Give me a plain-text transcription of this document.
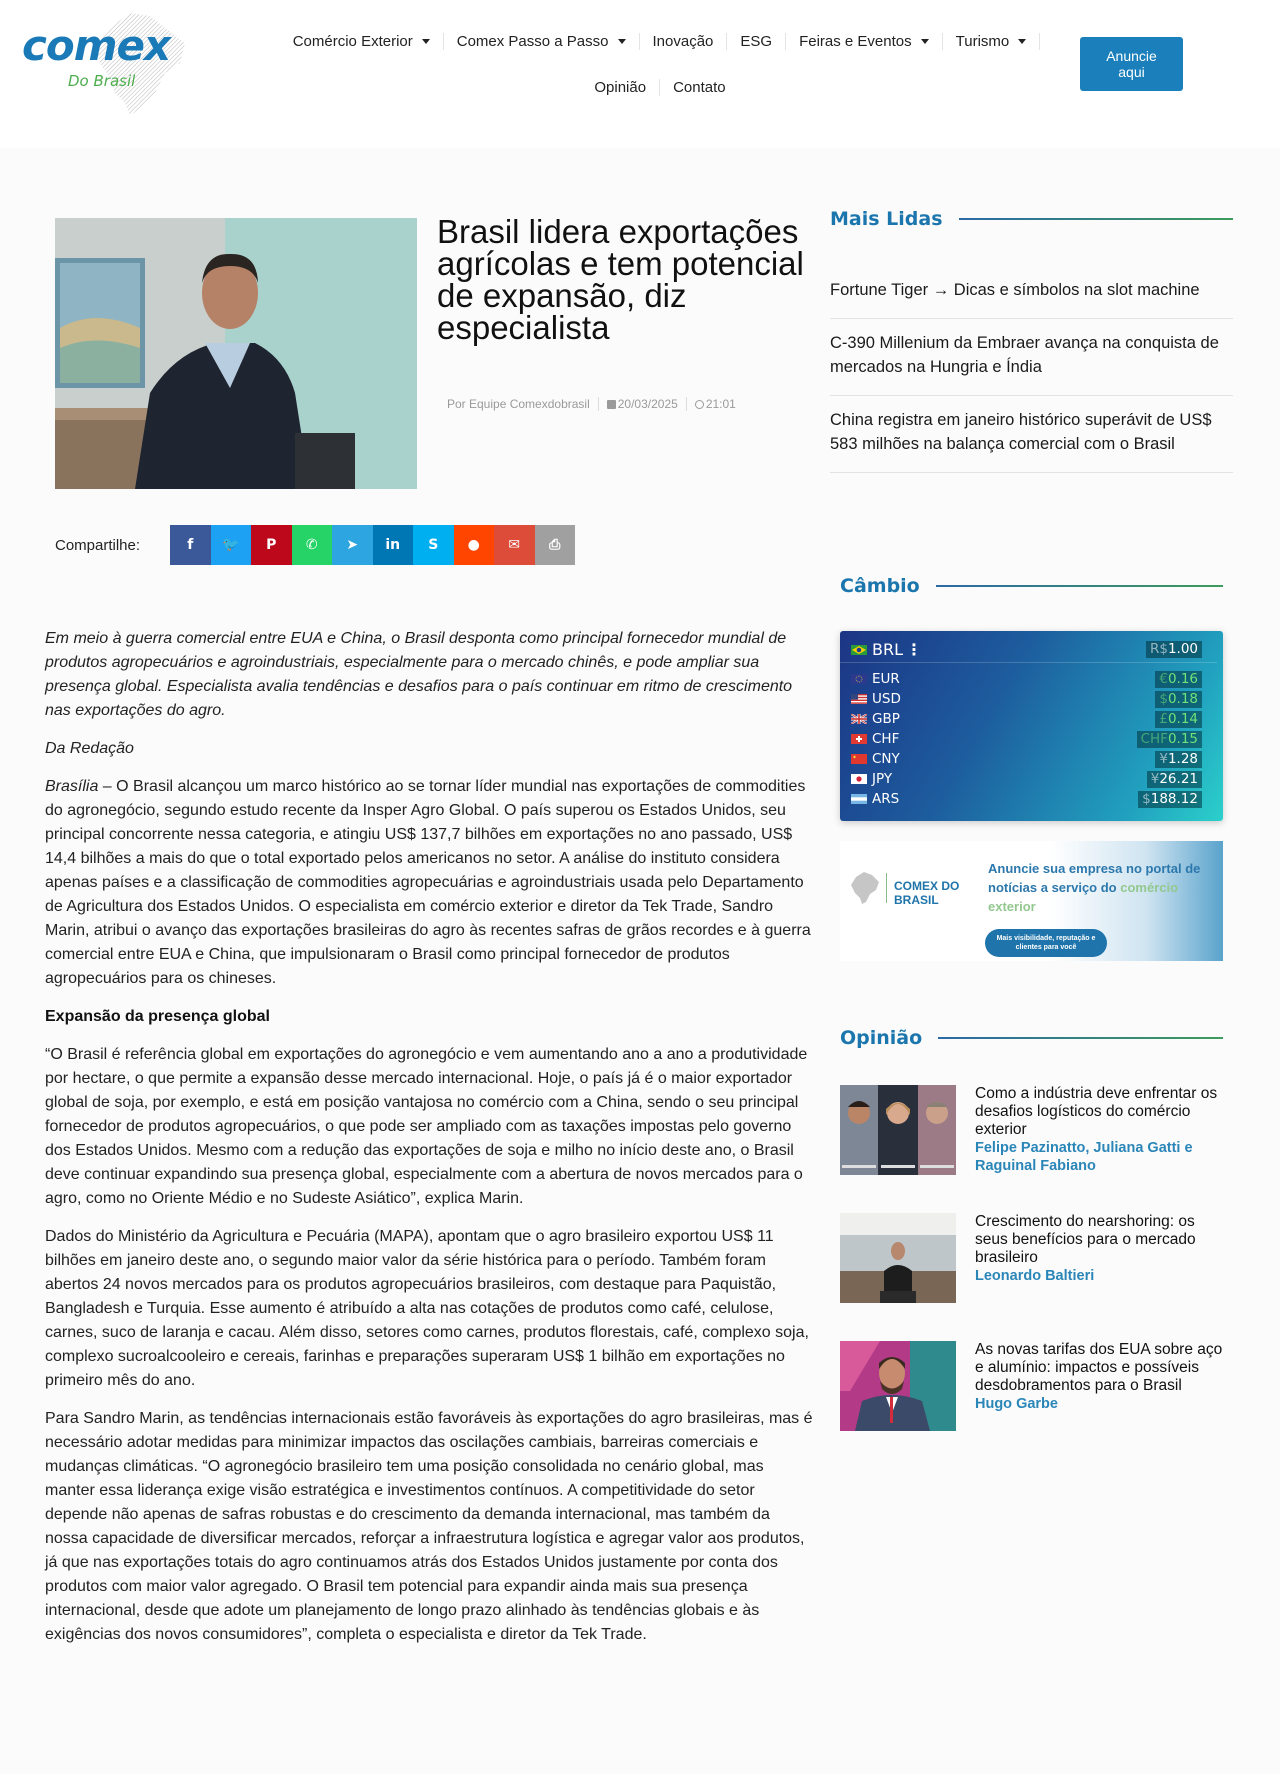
comex
Do Brasil
Comércio Exterior	Comex Passo a Passo	Inovação ESG Feiras e Eventos	Turismo
Opinião Contato
Anuncie aqui
Brasil lidera exportações agrícolas e tem potencial de expansão, diz especialista
Por Equipe Comexdobrasil	20/03/2025 21:01
Compartilhe:	f 🐦 P ✆ ➤ in S ● ✉ ⎙

Em meio à guerra comercial entre EUA e China, o Brasil desponta como principal fornecedor mundial de produtos agropecuários e agroindustriais, especialmente para o mercado chinês, e pode ampliar sua presença global. Especialista avalia tendências e desafios para o país continuar em ritmo de crescimento nas exportações do agro.

Da Redação

Brasília – O Brasil alcançou um marco histórico ao se tornar líder mundial nas exportações de commodities do agronegócio, segundo estudo recente da Insper Agro Global. O país superou os Estados Unidos, seu principal concorrente nessa categoria, e atingiu US$ 137,7 bilhões em exportações no ano passado, US$ 14,4 bilhões a mais do que o total exportado pelos americanos no setor. A análise do instituto considera apenas países e a classificação de commodities agropecuárias e agroindustriais usada pelo Departamento de Agricultura dos Estados Unidos. O especialista em comércio exterior e diretor da Tek Trade, Sandro Marin, atribui o avanço das exportações brasileiras do agro às recentes safras de grãos recordes e à guerra comercial entre EUA e China, que impulsionaram o Brasil como principal fornecedor de produtos agropecuários para os chineses.

Expansão da presença global

“O Brasil é referência global em exportações do agronegócio e vem aumentando ano a ano a produtividade por hectare, o que permite a expansão desse mercado internacional. Hoje, o país já é o maior exportador global de soja, por exemplo, e está em posição vantajosa no comércio com a China, sendo o seu principal fornecedor de produtos agropecuários, o que pode ser ampliado com as taxações impostas pelo governo dos Estados Unidos. Mesmo com a redução das exportações de soja e milho no início deste ano, o Brasil deve continuar expandindo sua presença global, especialmente com a abertura de novos mercados para o agro, como no Oriente Médio e no Sudeste Asiático”, explica Marin.

Dados do Ministério da Agricultura e Pecuária (MAPA), apontam que o agro brasileiro exportou US$ 11 bilhões em janeiro deste ano, o segundo maior valor da série histórica para o período. Também foram abertos 24 novos mercados para os produtos agropecuários brasileiros, com destaque para Paquistão, Bangladesh e Turquia. Esse aumento é atribuído a alta nas cotações de produtos como café, celulose, carnes, suco de laranja e cacau. Além disso, setores como carnes, produtos florestais, café, complexo soja, complexo sucroalcooleiro e cereais, farinhas e preparações superaram US$ 1 bilhão em exportações no primeiro mês do ano.

Para Sandro Marin, as tendências internacionais estão favoráveis às exportações do agro brasileiras, mas é necessário adotar medidas para minimizar impactos das oscilações cambiais, barreiras comerciais e mudanças climáticas. “O agronegócio brasileiro tem uma posição consolidada no cenário global, mas manter essa liderança exige visão estratégica e investimentos contínuos. A competitividade do setor depende não apenas de safras robustas e do crescimento da demanda internacional, mas também da nossa capacidade de diversificar mercados, reforçar a infraestrutura logística e agregar valor aos produtos, já que nas exportações totais do agro continuamos atrás dos Estados Unidos justamente por conta dos produtos com maior valor agregado. O Brasil tem potencial para expandir ainda mais sua presença internacional, desde que adote um planejamento de longo prazo alinhado às tendências globais e às exigências dos novos consumidores”, completa o especialista e diretor da Tek Trade.

Mais Lidas
Fortune Tiger → Dicas e símbolos na slot machine
C-390 Millenium da Embraer avança na conquista de mercados na Hungria e Índia
China registra em janeiro histórico superávit de US$ 583 milhões na balança comercial com o Brasil
Câmbio
BRL ⋮	R$1.00
EUR	€0.16
USD	$0.18
GBP	£0.14
CHF	CHF0.15
CNY	¥1.28
JPY	¥26.21
ARS	$188.12
COMEX DO BRASIL
Anuncie sua empresa no portal de notícias a serviço do comércio exterior
Mais visibilidade, reputação e clientes para você
Opinião
Como a indústria deve enfrentar os desafios logísticos do comércio exterior
Felipe Pazinatto, Juliana Gatti e Raguinal Fabiano
Crescimento do nearshoring: os seus benefícios para o mercado brasileiro
Leonardo Baltieri
As novas tarifas dos EUA sobre aço e alumínio: impactos e possíveis desdobramentos para o Brasil
Hugo Garbe
